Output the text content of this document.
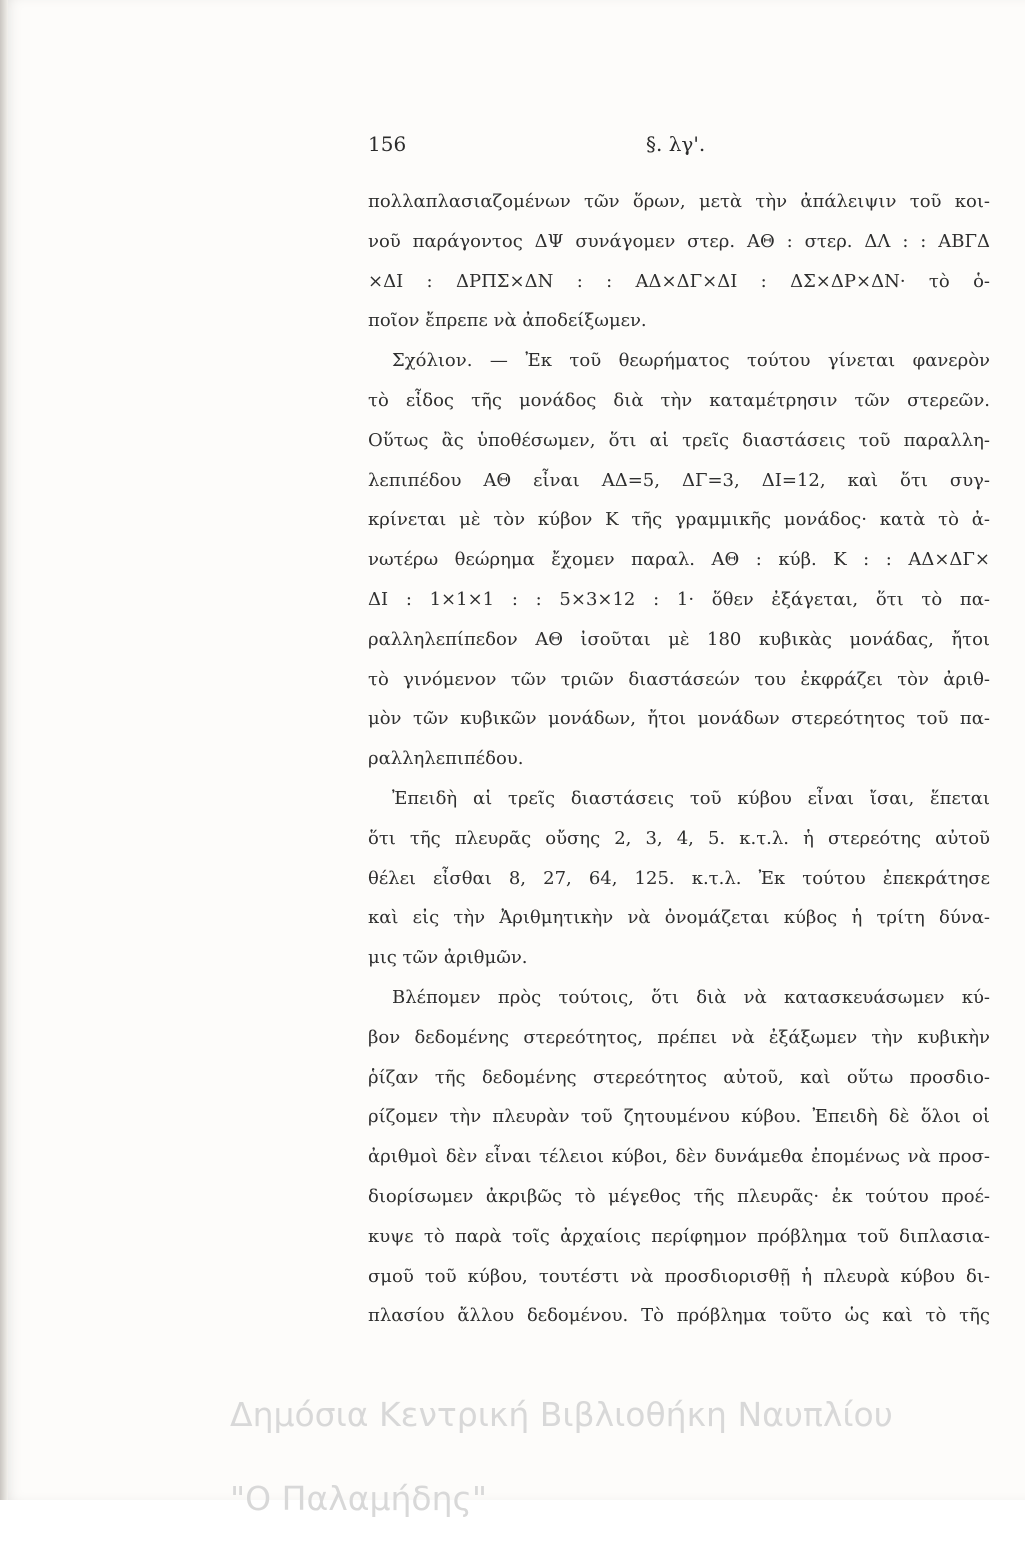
156	§. λγ'.
πολλαπλασιαζομένων τῶν ὅρων, μετὰ τὴν ἀπάλειψιν τοῦ κοι-
νοῦ παράγοντος ΔΨ συνάγομεν στερ. ΑΘ : στερ. ΔΛ : : ΑΒΓΔ
×ΔΙ : ΔΡΠΣ×ΔΝ : : ΑΔ×ΔΓ×ΔΙ : ΔΣ×ΔΡ×ΔΝ· τὸ ὁ-
ποῖον ἔπρεπε νὰ ἀποδείξωμεν.
Σχόλιον. — Ἐκ τοῦ θεωρήματος τούτου γίνεται φανερὸν
τὸ εἶδος τῆς μονάδος διὰ τὴν καταμέτρησιν τῶν στερεῶν.
Οὕτως ἂς ὑποθέσωμεν, ὅτι αἱ τρεῖς διαστάσεις τοῦ παραλλη-
λεπιπέδου ΑΘ εἶναι ΑΔ=5, ΔΓ=3, ΔΙ=12, καὶ ὅτι συγ-
κρίνεται μὲ τὸν κύβον Κ τῆς γραμμικῆς μονάδος· κατὰ τὸ ἀ-
νωτέρω θεώρημα ἔχομεν παραλ. ΑΘ : κύβ. Κ : : ΑΔ×ΔΓ×
ΔΙ : 1×1×1 : : 5×3×12 : 1· ὅθεν ἐξάγεται, ὅτι τὸ πα-
ραλληλεπίπεδον ΑΘ ἰσοῦται μὲ 180 κυβικὰς μονάδας, ἤτοι
τὸ γινόμενον τῶν τριῶν διαστάσεών του ἐκφράζει τὸν ἀριθ-
μὸν τῶν κυβικῶν μονάδων, ἤτοι μονάδων στερεότητος τοῦ πα-
ραλληλεπιπέδου.
Ἐπειδὴ αἱ τρεῖς διαστάσεις τοῦ κύβου εἶναι ἴσαι, ἕπεται
ὅτι τῆς πλευρᾶς οὔσης 2, 3, 4, 5. κ.τ.λ. ἡ στερεότης αὐτοῦ
θέλει εἶσθαι 8, 27, 64, 125. κ.τ.λ. Ἐκ τούτου ἐπεκράτησε
καὶ εἰς τὴν Ἀριθμητικὴν νὰ ὀνομάζεται κύβος ἡ τρίτη δύνα-
μις τῶν ἀριθμῶν.
Βλέπομεν πρὸς τούτοις, ὅτι διὰ νὰ κατασκευάσωμεν κύ-
βον δεδομένης στερεότητος, πρέπει νὰ ἐξάξωμεν τὴν κυβικὴν
ῥίζαν τῆς δεδομένης στερεότητος αὐτοῦ, καὶ οὕτω προσδιο-
ρίζομεν τὴν πλευρὰν τοῦ ζητουμένου κύβου. Ἐπειδὴ δὲ ὅλοι οἱ
ἀριθμοὶ δὲν εἶναι τέλειοι κύβοι, δὲν δυνάμεθα ἐπομένως νὰ προσ-
διορίσωμεν ἀκριβῶς τὸ μέγεθος τῆς πλευρᾶς· ἐκ τούτου προέ-
κυψε τὸ παρὰ τοῖς ἀρχαίοις περίφημον πρόβλημα τοῦ διπλασια-
σμοῦ τοῦ κύβου, τουτέστι νὰ προσδιορισθῇ ἡ πλευρὰ κύβου δι-
πλασίου ἄλλου δεδομένου. Τὸ πρόβλημα τοῦτο ὡς καὶ τὸ τῆς

Δημόσια Κεντρική Βιβλιοθήκη Ναυπλίου

"Ο Παλαμήδης"
